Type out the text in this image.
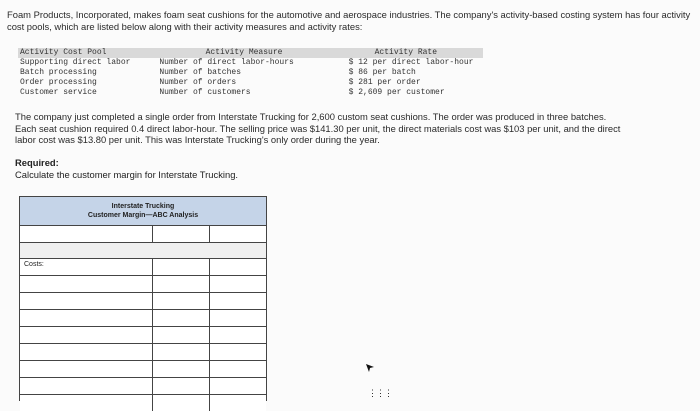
Foam Products, Incorporated, makes foam seat cushions for the automotive and aerospace industries. The company's activity-based costing system has four activity cost pools, which are listed below along with their activity measures and activity rates:
Activity Cost Pool	Activity Measure	Activity Rate
Supporting direct labor	Number of direct labor-hours	$ 12 per direct labor-hour
Batch processing	Number of batches	$ 86 per batch
Order processing	Number of orders	$ 281 per order
Customer service	Number of customers	$ 2,609 per customer
The company just completed a single order from Interstate Trucking for 2,600 custom seat cushions. The order was produced in three batches. Each seat cushion required 0.4 direct labor-hour. The selling price was $141.30 per unit, the direct materials cost was $103 per unit, and the direct labor cost was $13.80 per unit. This was Interstate Trucking's only order during the year.
Required:
Calculate the customer margin for Interstate Trucking.
Interstate Trucking
Customer Margin—ABC Analysis
Costs:
⋮⋮⋮
